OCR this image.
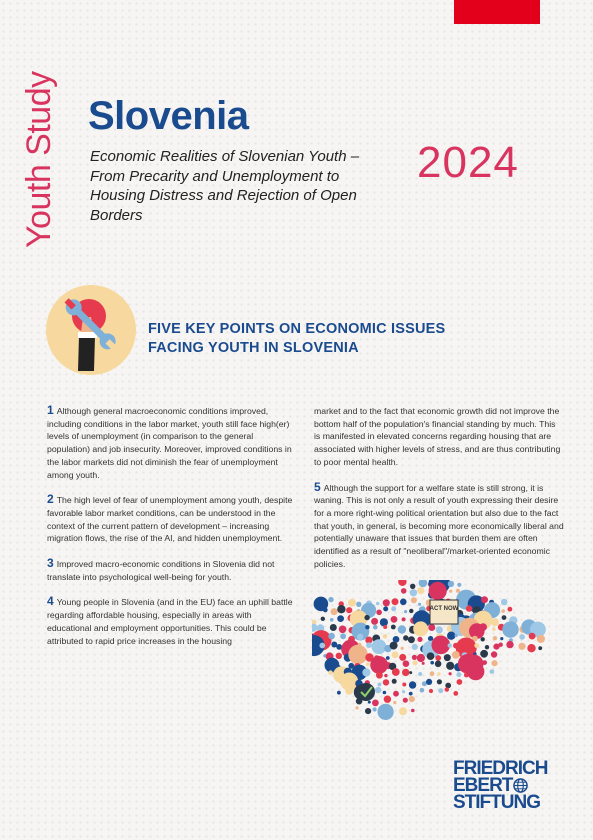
Youth Study Slovenia

Economic Realities of Slovenian Youth – From Precarity and Unemployment to Housing Distress and Rejection of Open Borders

2024
FIVE KEY POINTS ON ECONOMIC ISSUES
FACING YOUTH IN SLOVENIA

1 Although general macroeconomic conditions improved, including conditions in the labor market, youth still face high(er) levels of unemployment (in comparison to the general population) and job insecurity. Moreover, improved conditions in the labor markets did not diminish the fear of unemployment among youth.

2 The high level of fear of unemployment among youth, despite favorable labor market conditions, can be understood in the context of the current pattern of development – increasing migration flows, the rise of the AI, and hidden unemployment.

3 Improved macro-economic conditions in Slovenia did not translate into psychological well-being for youth.

4 Young people in Slovenia (and in the EU) face an uphill battle regarding affordable housing, especially in areas with educational and employment opportunities. This could be attributed to rapid price increases in the housing

market and to the fact that economic growth did not improve the bottom half of the population's financial standing by much. This is manifested in elevated concerns regarding housing that are associated with higher levels of stress, and are thus contributing to poor mental health.

5 Although the support for a welfare state is still strong, it is waning. This is not only a result of youth expressing their desire for a more right-wing political orientation but also due to the fact that youth, in general, is becoming more economically liberal and potentially unaware that issues that burden them are often identified as a result of "neoliberal"/market-oriented economic policies.

ACT NOW
FRIEDRICH
EBERT
STIFTUNG
